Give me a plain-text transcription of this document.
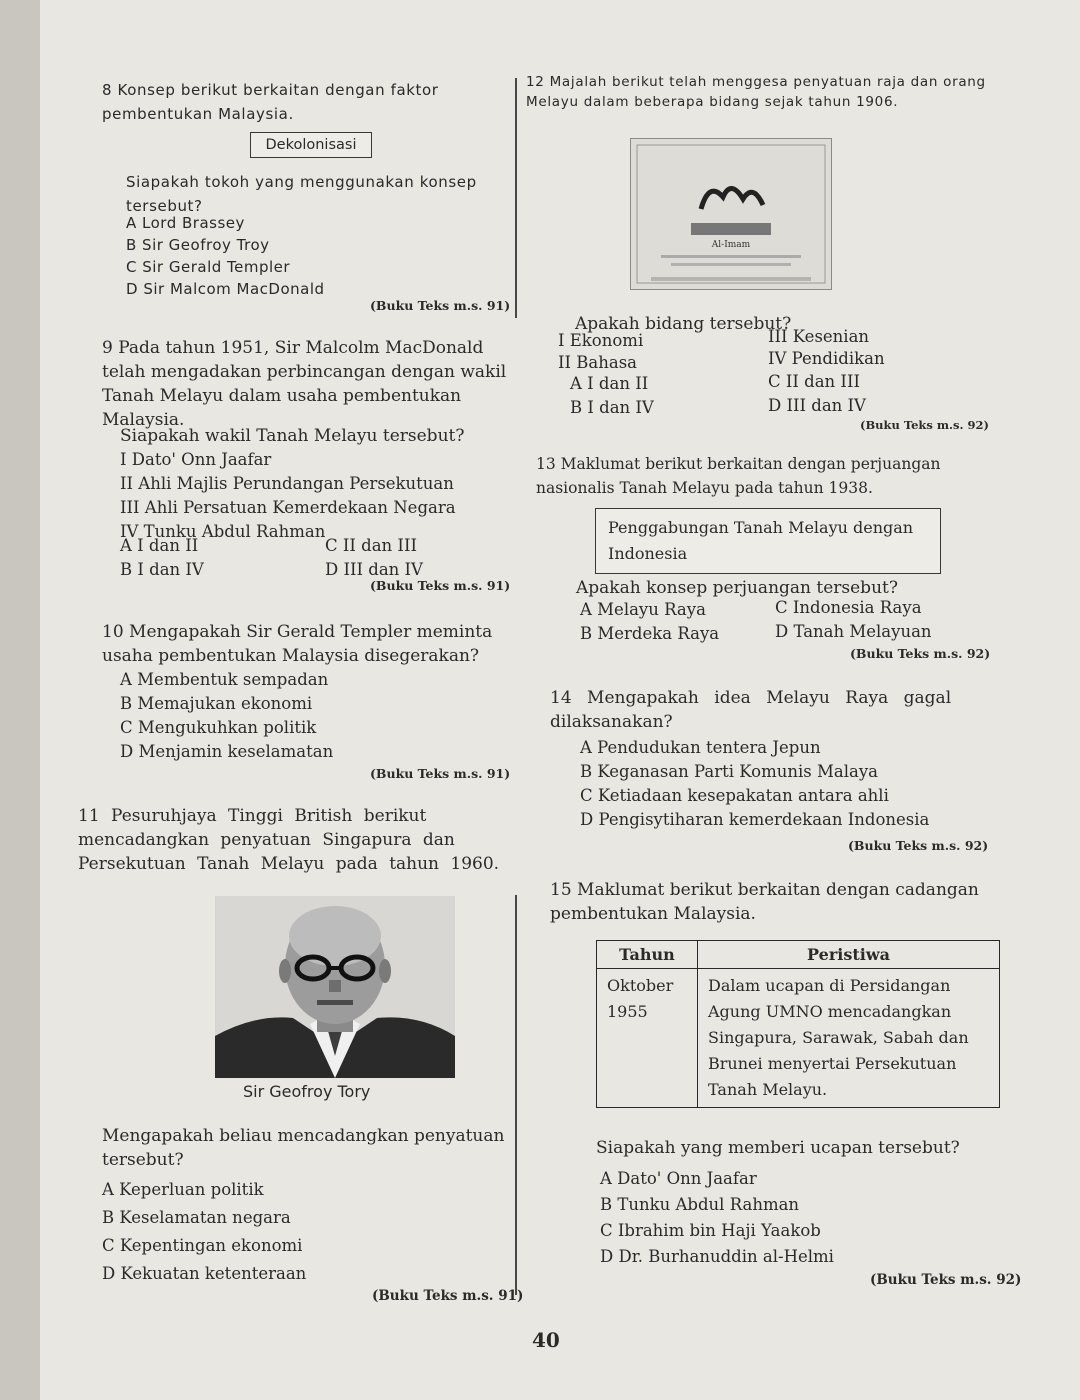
8 Konsep berikut berkaitan dengan faktor pembentukan Malaysia.
Dekolonisasi
Siapakah tokoh yang menggunakan konsep tersebut?
A Lord Brassey
B Sir Geofroy Troy
C Sir Gerald Templer
D Sir Malcom MacDonald
(Buku Teks m.s. 91)
9 Pada tahun 1951, Sir Malcolm MacDonald telah mengadakan perbincangan dengan wakil Tanah Melayu dalam usaha pembentukan Malaysia.
Siapakah wakil Tanah Melayu tersebut?
I Dato' Onn Jaafar
II Ahli Majlis Perundangan Persekutuan
III Ahli Persatuan Kemerdekaan Negara
IV Tunku Abdul Rahman
A I dan II
B I dan IV
C II dan III
D III dan IV
(Buku Teks m.s. 91)
10 Mengapakah Sir Gerald Templer meminta usaha pembentukan Malaysia disegerakan?
A Membentuk sempadan
B Memajukan ekonomi
C Mengukuhkan politik
D Menjamin keselamatan
(Buku Teks m.s. 91)
11 Pesuruhjaya Tinggi British berikut mencadangkan penyatuan Singapura dan Persekutuan Tanah Melayu pada tahun 1960.
Sir Geofroy Tory
Mengapakah beliau mencadangkan penyatuan tersebut?
A Keperluan politik
B Keselamatan negara
C Kepentingan ekonomi
D Kekuatan ketenteraan
(Buku Teks m.s. 91)
12 Majalah berikut telah menggesa penyatuan raja dan orang Melayu dalam beberapa bidang sejak tahun 1906.
Al-Imam
Apakah bidang tersebut?
I Ekonomi
II Bahasa
III Kesenian
IV Pendidikan
A I dan II
B I dan IV
C II dan III
D III dan IV
(Buku Teks m.s. 92)
13 Maklumat berikut berkaitan dengan perjuangan nasionalis Tanah Melayu pada tahun 1938.
Penggabungan Tanah Melayu dengan Indonesia
Apakah konsep perjuangan tersebut?
A Melayu Raya
B Merdeka Raya
C Indonesia Raya
D Tanah Melayuan
(Buku Teks m.s. 92)
14 Mengapakah idea Melayu Raya gagal dilaksanakan?
A Pendudukan tentera Jepun
B Keganasan Parti Komunis Malaya
C Ketiadaan kesepakatan antara ahli
D Pengisytiharan kemerdekaan Indonesia
(Buku Teks m.s. 92)
15 Maklumat berikut berkaitan dengan cadangan pembentukan Malaysia.
Tahun	Peristiwa
Oktober 1955	Dalam ucapan di Persidangan Agung UMNO mencadangkan Singapura, Sarawak, Sabah dan Brunei menyertai Persekutuan Tanah Melayu.
Siapakah yang memberi ucapan tersebut?
A Dato' Onn Jaafar
B Tunku Abdul Rahman
C Ibrahim bin Haji Yaakob
D Dr. Burhanuddin al-Helmi
(Buku Teks m.s. 92)
40
